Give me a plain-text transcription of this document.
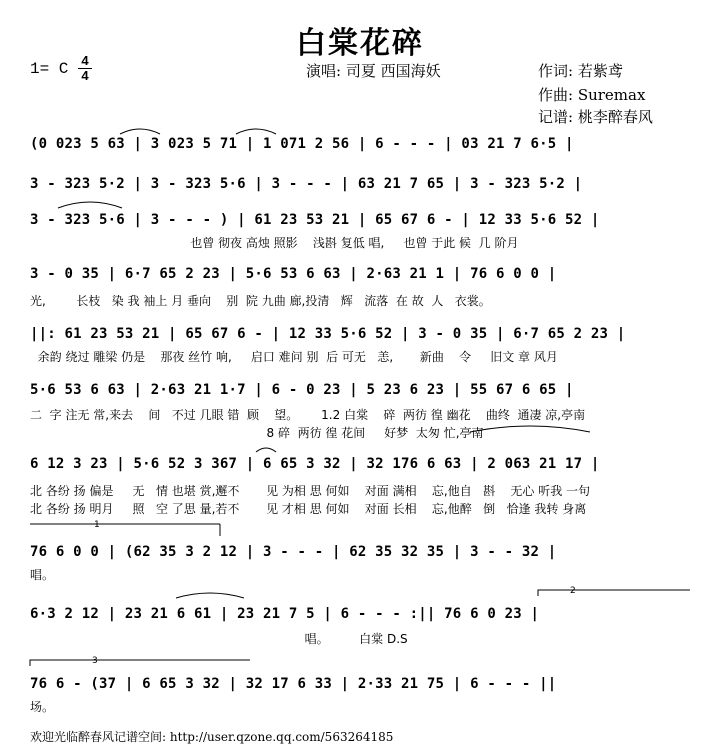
白棠花碎
1= C 4
4	演唱: 司夏 西国海妖	作词: 若紫鸢
作曲: Suremax
记谱: 桃李醉春风
(0 023 5 63 | 3 023 5 71 | 1 071 2 56 | 6 - - - | 03 21 7 6·5 |
3 - 323 5·2 | 3 - 323 5·6 | 3 - - - | 63 21 7 65 | 3 - 323 5·2 |
3 - 323 5·6 | 3 - - - ) | 61 23 53 21 | 65 67 6 - | 12 33 5·6 52 |
也曾 彻夜 高烛 照影    浅斟 复低 唱,     也曾 于此 候  几 阶月
3 - 0 35 | 6·7 65 2 23 | 5·6 53 6 63 | 2·63 21 1 | 76 6 0 0 |
光,        长枝   染 我 袖上 月 垂向    别  院 九曲 廊,投清   辉   流落  在 故  人   衣裳。
||: 61 23 53 21 | 65 67 6 - | 12 33 5·6 52 | 3 - 0 35 | 6·7 65 2 23 |
余韵 绕过 雕梁 仍是    那夜 丝竹 响,     启口 难问 别  后 可无   恙,       新曲    令     旧文 章 风月
5·6 53 6 63 | 2·63 21 1·7 | 6 - 0 23 | 5 23 6 23 | 55 67 6 65 |
二  字 注无 常,来去    间   不过 几眼 错  顾    望。      1.2 白棠    碎  两彷 徨 幽花    曲终  通凄 凉,亭南
8 碎  两彷 徨 花间     好梦  太匆 忙,亭南
6 12 3 23 | 5·6 52 3 367 | 6 65 3 32 | 32 176 6 63 | 2 063 21 17 |
北 各纷 扬 偏是     无   情 也堪 赏,邂不       见 为相 思 何如    对面 满相    忘,他自   斟    无心 听我 一句
北 各纷 扬 明月     照   空 了思 量,若不       见 才相 思 何如    对面 长相    忘,他醉   倒   恰逢 我转 身离
76 6 0 0 | (62 35 3 2 12 | 3 - - - | 62 35 32 35 | 3 - - 32 |
唱。
6·3 2 12 | 23 21 6 61 | 23 21 7 5 | 6 - - - :|| 76 6 0 23 |
唱。        白棠 D.S
76 6 - (37 | 6 65 3 32 | 32 17 6 33 | 2·33 21 75 | 6 - - - ||
场。
1
2
3
欢迎光临醉春风记谱空间: http://user.qzone.qq.com/563264185
